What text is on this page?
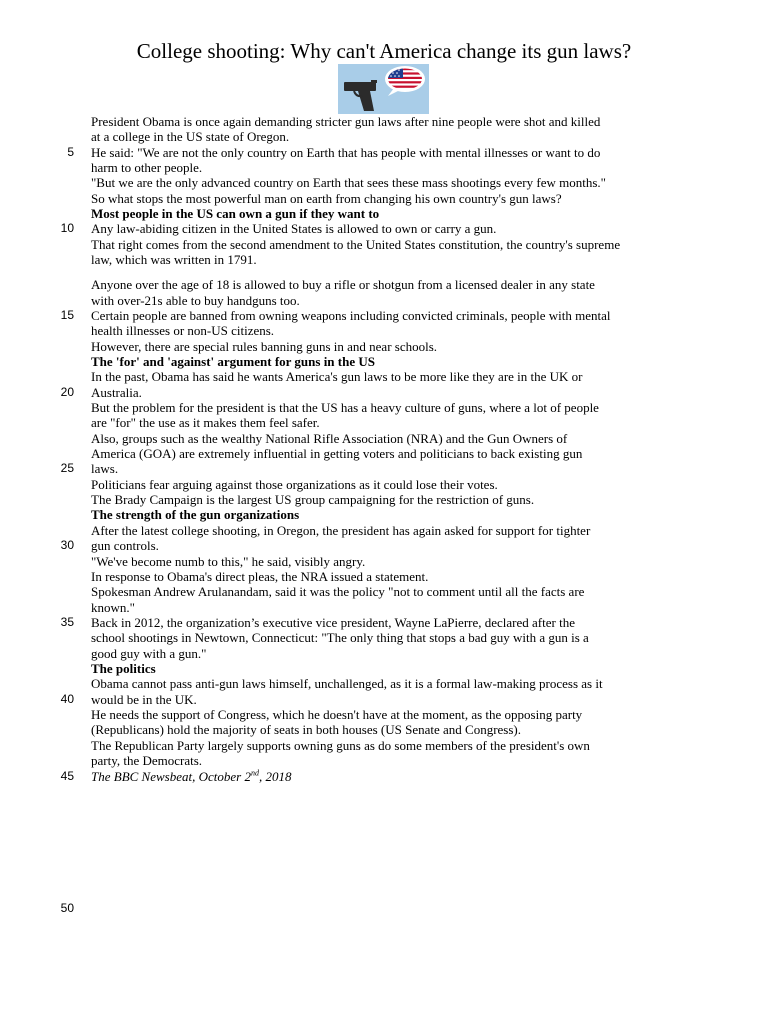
College shooting: Why can't America change its gun laws?
President Obama is once again demanding stricter gun laws after nine people were shot and killed
at a college in the US state of Oregon.
He said: "We are not the only country on Earth that has people with mental illnesses or want to do
harm to other people.
"But we are the only advanced country on Earth that sees these mass shootings every few months."
So what stops the most powerful man on earth from changing his own country's gun laws?
Most people in the US can own a gun if they want to
Any law-abiding citizen in the United States is allowed to own or carry a gun.
That right comes from the second amendment to the United States constitution, the country's supreme
law, which was written in 1791.
Anyone over the age of 18 is allowed to buy a rifle or shotgun from a licensed dealer in any state
with over-21s able to buy handguns too.
Certain people are banned from owning weapons including convicted criminals, people with mental
health illnesses or non-US citizens.
However, there are special rules banning guns in and near schools.
The 'for' and 'against' argument for guns in the US
In the past, Obama has said he wants America's gun laws to be more like they are in the UK or
Australia.
But the problem for the president is that the US has a heavy culture of guns, where a lot of people
are "for" the use as it makes them feel safer.
Also, groups such as the wealthy National Rifle Association (NRA) and the Gun Owners of
America (GOA) are extremely influential in getting voters and politicians to back existing gun
laws.
Politicians fear arguing against those organizations as it could lose their votes.
The Brady Campaign is the largest US group campaigning for the restriction of guns.
The strength of the gun organizations
After the latest college shooting, in Oregon, the president has again asked for support for tighter
gun controls.
"We've become numb to this," he said, visibly angry.
In response to Obama's direct pleas, the NRA issued a statement.
Spokesman Andrew Arulanandam, said it was the policy "not to comment until all the facts are
known."
Back in 2012, the organization’s executive vice president, Wayne LaPierre, declared after the
school shootings in Newtown, Connecticut: "The only thing that stops a bad guy with a gun is a
good guy with a gun."
The politics
Obama cannot pass anti-gun laws himself, unchallenged, as it is a formal law-making process as it
would be in the UK.
He needs the support of Congress, which he doesn't have at the moment, as the opposing party
(Republicans) hold the majority of seats in both houses (US Senate and Congress).
The Republican Party largely supports owning guns as do some members of the president's own
party, the Democrats.
The BBC Newsbeat, October 2nd, 2018
5
10
15
20
25
30
35
40
45
50
